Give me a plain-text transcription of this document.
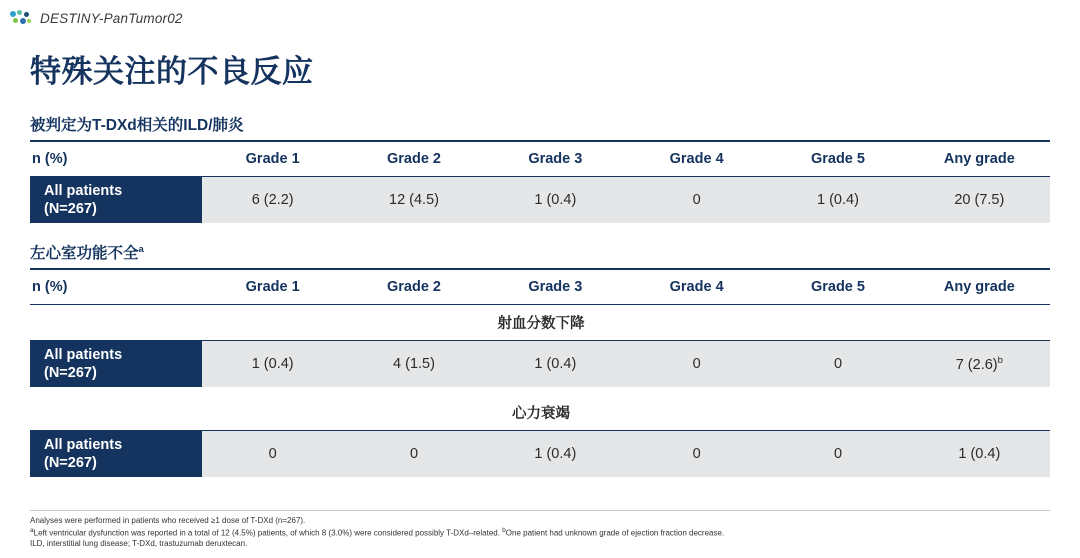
DESTINY-PanTumor02
特殊关注的不良反应
被判定为T-DXd相关的ILD/肺炎
n (%)	Grade 1	Grade 2	Grade 3	Grade 4	Grade 5	Any grade

All patients
(N=267)	6 (2.2)	12 (4.5)	1 (0.4)	0	1 (0.4)	20 (7.5)
左心室功能不全$^a$
n (%)	Grade 1	Grade 2	Grade 3	Grade 4	Grade 5	Any grade
射血分数下降						

All patients
(N=267)	1 (0.4)	4 (1.5)	1 (0.4)	0	0	7 $(2.6)^b$

心力衰竭						

All patients
(N=267)	0	0	1 (0.4)	0	0	1 (0.4)
Analyses were performed in patients who received ≥1 dose of T-DXd (n=267).
$^a$Left ventricular dysfunction was reported in a total of 12 (4.5%) patients, of which 8 (3.0%) were considered possibly T-DXd–related. $^b$One patient had unknown grade of ejection fraction decrease.
ILD, interstitial lung disease; T-DXd, trastuzumab deruxtecan.
